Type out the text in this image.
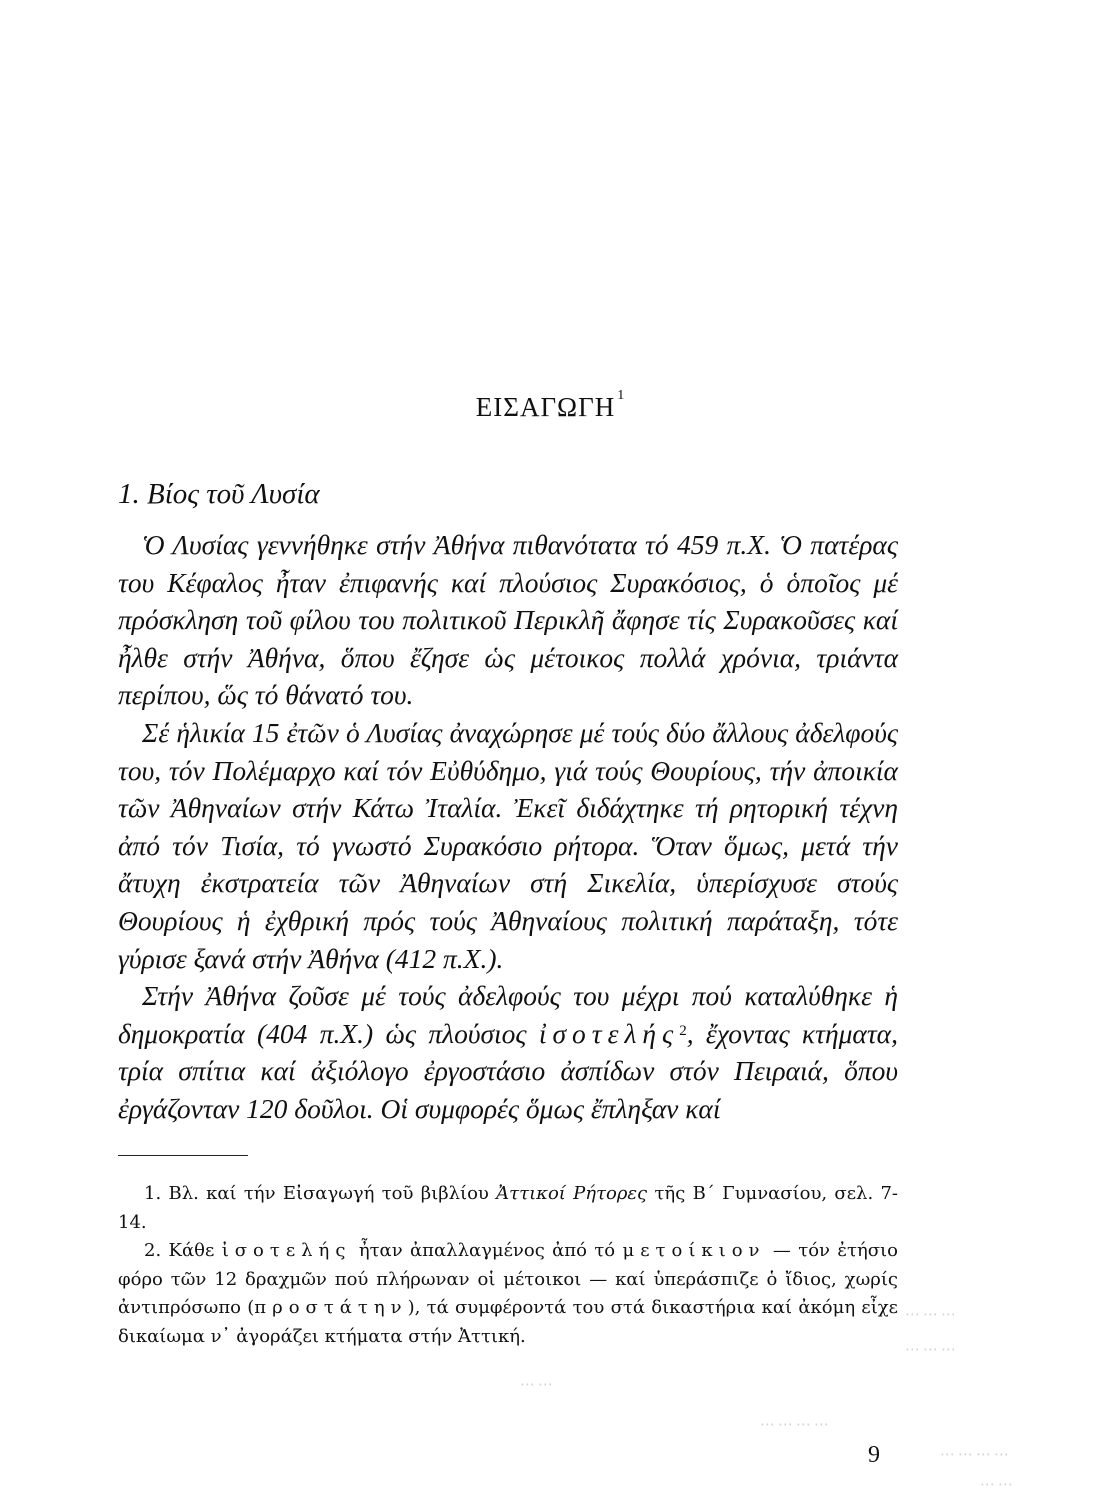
ΕΙΣΑΓΩΓΗ $^1$
1. Βίος τοῦ Λυσία

Ὁ Λυσίας γεννήθηκε στήν Ἀθήνα πιθανότατα τό 459 π.Χ. Ὁ πατέρας του Κέφαλος ἦταν ἐπιφανής καί πλούσιος Συρακόσιος, ὁ ὁποῖος μέ πρόσκληση τοῦ φίλου του πολιτικοῦ Περικλῆ ἄφησε τίς Συρακοῦσες καί ἦλθε στήν Ἀθήνα, ὅπου ἔζησε ὡς μέτοικος πολλά χρόνια, τριάντα περίπου, ὥς τό θάνατό του.

Σέ ἡλικία 15 ἐτῶν ὁ Λυσίας ἀναχώρησε μέ τούς δύο ἄλλους ἀδελφούς του, τόν Πολέμαρχο καί τόν Εὐθύδημο, γιά τούς Θουρίους, τήν ἀποικία τῶν Ἀθηναίων στήν Κάτω Ἰταλία. Ἐκεῖ διδάχτηκε τή ρητορική τέχνη ἀπό τόν Τισία, τό γνωστό Συρακόσιο ρήτορα. Ὅταν ὅμως, μετά τήν ἄτυχη ἐκστρατεία τῶν Ἀθηναίων στή Σικελία, ὑπερίσχυσε στούς Θουρίους ἡ ἐχθρική πρός τούς Ἀθηναίους πολιτική παράταξη, τότε γύρισε ξανά στήν Ἀθήνα (412 π.Χ.).

Στήν Ἀθήνα ζοῦσε μέ τούς ἀδελφούς του μέχρι πού καταλύθηκε ἡ δημοκρατία (404 π.Χ.) ὡς πλούσιος ἰσοτελής$^2$, ἔχοντας κτήματα, τρία σπίτια καί ἀξιόλογο ἐργοστάσιο ἀσπίδων στόν Πειραιά, ὅπου ἐργάζονταν 120 δοῦλοι. Οἱ συμφορές ὅμως ἔπληξαν καί

1. Βλ. καί τήν Εἰσαγωγή τοῦ βιβλίου Ἀττικοί Ρήτορες τῆς Β΄ Γυμνασίου, σελ. 7-14.

2. Κάθε ἰσοτελής ἦταν ἀπαλλαγμένος ἀπό τό μετοίκιον — τόν ἐτήσιο φόρο τῶν 12 δραχμῶν πού πλήρωναν οἱ μέτοικοι — καί ὑπεράσπιζε ὁ ἴδιος, χωρίς ἀντιπρόσωπο (προστάτην), τά συμφέροντά του στά δικαστήρια καί ἀκόμη εἶχε δικαίωμα ν᾽ ἀγοράζει κτήματα στήν Ἀττική.

9
⋯⋯⋯
⋯⋯⋯
⋯⋯
⋯⋯⋯⋯
⋯⋯⋯⋯
⋯⋯
